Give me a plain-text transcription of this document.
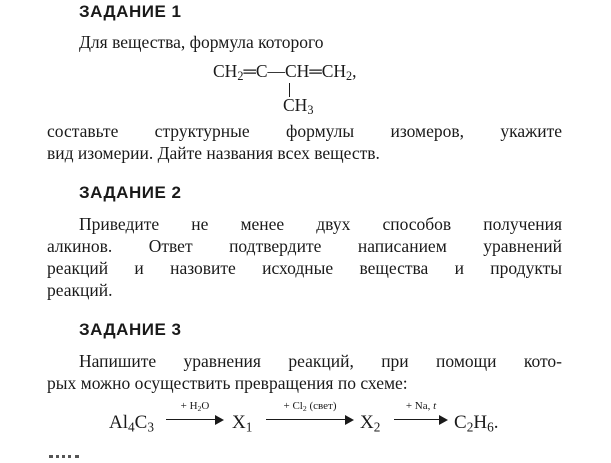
ЗАДАНИЕ 1

Для вещества, формула которого

$CH_2═C—CH═CH_2$,
$CH_3$

составьте структурные формулы изомеров, укажите
вид изомерии. Дайте названия всех веществ.

ЗАДАНИЕ 2

Приведите не менее двух способов получения
алкинов. Ответ подтвердите написанием уравнений
реакций и назовите исходные вещества и продукты
реакций.

ЗАДАНИЕ 3

Напишите уравнения реакций, при помощи кото-
рых можно осуществить превращения по схеме:

$Al_4C_3$
+ $H_2O$
$X_1$
+ $Cl_2$ (свет)
$X_2$
+ Na, t
$C_2H_6$.
